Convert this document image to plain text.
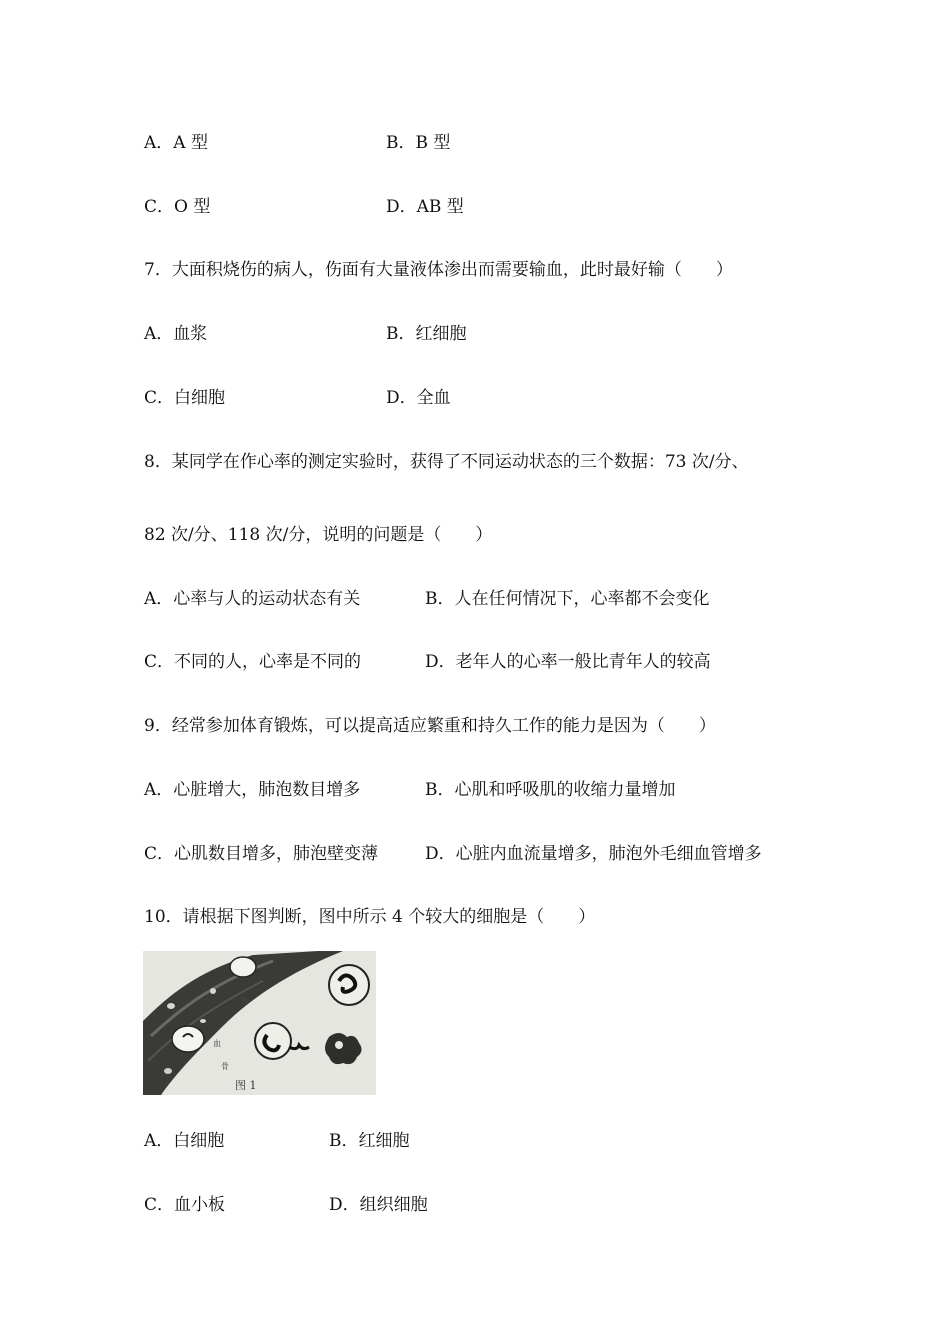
A．A 型	B．B 型
C．O 型	D．AB 型
7．大面积烧伤的病人，伤面有大量液体渗出而需要输血，此时最好输（　　）
A．血浆	B．红细胞
C．白细胞	D．全血
8．某同学在作心率的测定实验时，获得了不同运动状态的三个数据：73 次/分、
82 次/分、118 次/分，说明的问题是（　　）
A．心率与人的运动状态有关	B．人在任何情况下，心率都不会变化
C．不同的人，心率是不同的	D．老年人的心率一般比青年人的较高
9．经常参加体育锻炼，可以提高适应繁重和持久工作的能力是因为（　　）
A．心脏增大，肺泡数目增多	B．心肌和呼吸肌的收缩力量增加
C．心肌数目增多，肺泡壁变薄	D．心脏内血流量增多，肺泡外毛细血管增多
10．请根据下图判断，图中所示 4 个较大的细胞是（　　）
脂
血
骨
图 1
A．白细胞	B．红细胞
C．血小板	D．组织细胞
